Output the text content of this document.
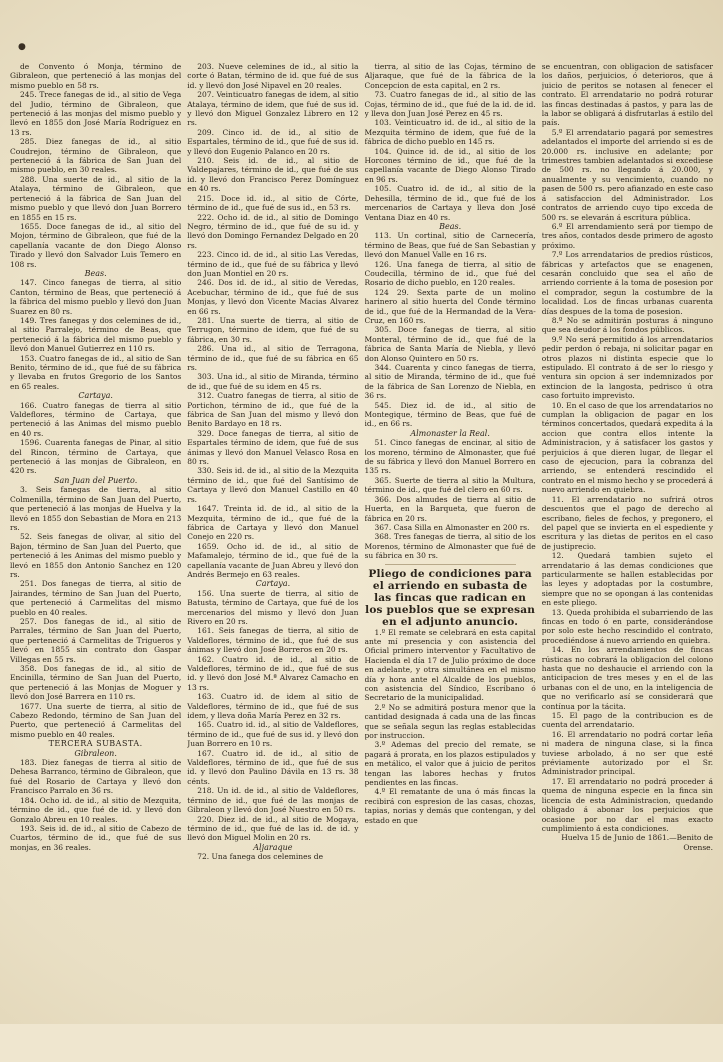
●

de Convento ó Monja, término de Gibraleon, que perteneció á las monjas del mismo pueblo en 58 rs.

245. Trece fanegas de id., al sitio de Vega del Judio, término de Gibraleon, que perteneció á las monjas del mismo pueblo y llevó en 1855 don José María Rodríguez en 13 rs.

285. Diez fanegas de id., al sitio Coudrejon, término de Gibraleon, que perteneció á la fábrica de San Juan del mismo pueblo, en 30 reales.

288. Una suerte de id., al sitio de la Atalaya, término de Gibraleon, que perteneció á la fábrica de San Juan del mismo pueblo y que llevó don Juan Borrero en 1855 en 15 rs.

1655. Doce fanegas de id., al sitio del Mojon, término de Gibraleon, que fué de la capellanía vacante de don Diego Alonso Tirado y llevó don Salvador Luis Temero en 108 rs.

Beas.

147. Cinco fanegas de tierra, al sitio Canton, término de Beas, que perteneció á la fábrica del mismo pueblo y llevó don Juan Suarez en 80 rs.

149. Tres fanegas y dos celemines de id., al sitio Parralejo, término de Beas, que perteneció á la fábrica del mismo pueblo y llevó don Manuel Gutierrez en 110 rs.

153. Cuatro fanegas de id., al sitio de San Benito, término de id., que fué de su fábrica y llevaba en frutos Gregorio de los Santos en 65 reales.

Cartaya.

166. Cuatro fanegas de tierra al sitio Valdeflores, término de Cartaya, que perteneció á las Animas del mismo pueblo en 40 rs.

1596. Cuarenta fanegas de Pinar, al sitio del Rincon, término de Cartaya, que perteneció á las monjas de Gibraleon, en 420 rs.

San Juan del Puerto.

3. Seis fanegas de tierra, al sitio Colmenilla, término de San Juan del Puerto, que perteneció á las monjas de Huelva y la llevó en 1855 don Sebastian de Mora en 213 rs.

52. Seis fanegas de olivar, al sitio del Bajon, término de San Juan del Puerto, que perteneció á les Animas del mismo pueblo y llevó en 1855 don Antonio Sanchez en 120 rs.

251. Dos fanegas de tierra, al sitio de Jairandes, término de San Juan del Puerto, que perteneció á Carmelitas del mismo pueblo en 40 reales.

257. Dos fanegas de id., al sitio de Parrales, término de San Juan del Puerto, que perteneció á Carmelitas de Trigueros y llevó en 1855 sin contrato don Gaspar Villegas en 55 rs.

358. Dos fanegas de id., al sitio de Encinilla, término de San Juan del Puerto, que perteneció á las Monjas de Moguer y llevó don José Barrera en 110 rs.

1677. Una suerte de tierra, al sitio de Cabezo Redondo, término de San Juan del Puerto, que perteneció á Carmelitas del mismo pueblo en 40 reales.

TERCERA SUBASTA.

Gibraleon.

183. Diez fanegas de tierra al sitio de Dehesa Barranco, término de Gibraleon, que fué del Rosario de Cartaya y llevó don Francisco Parralo en 36 rs.

184. Ocho id. de id., al sitio de Mezquita, término de id., que fué de id. y llevó don Gonzalo Abreu en 10 reales.

193. Seis id. de id., al sitio de Cabezo de Cuartos, término de id., que fué de sus monjas, en 36 reales.

203. Nueve celemines de id., al sitio la corte ó Batan, término de id. que fué de sus id. y llevó don José Nipavel en 20 reales.

207. Veinticuatro fanegas de idem, al sitio Atalaya, término de idem, que fué de sus id. y llevó don Miguel Gonzalez Librero en 12 rs.

209. Cinco id. de id., al sitio de Espartales, término de id., que fué de sus id. y llevó don Eugenio Palanco en 20 rs.

210. Seis id. de id., al sitio de Valdepajares, término de id., que fué de sus id. y llevó don Francisco Perez Domínguez en 40 rs.

215. Doce id. id., al sitio de Córte, término de id., que fué de sus id., en 53 rs.

222. Ocho id. de id., al sitio de Domingo Negro, término de id., que fué de su id. y llevó don Domingo Fernandez Delgado en 20 rs.

223. Cinco id. de id., al sitio Las Veredas, término de id., que fué de su fábrica y llevó don Juan Montiel en 20 rs.

246. Dos id. de id., al sitio de Veredas, Acebuchar, término de id., que fué de sus Monjas, y llevó don Vicente Macias Alvarez en 66 rs.

281. Una suerte de tierra, al sitio de Terrugon, término de idem, que fué de su fábrica, en 30 rs.

286. Una id., al sitio de Terragona, término de id., que fué de su fábrica en 65 rs.

303. Una id., al sitio de Miranda, término de id., que fué de su idem en 45 rs.

312. Cuatro fanegas de tierra, al sitio de Portichon, término de id., que fué de la fábrica de San Juan del mismo y llevó don Benito Bardayo en 18 rs.

329. Doce fanegas de tierra, al sitio de Espartales término de idem, que fué de sus ánimas y llevó don Manuel Velasco Rosa en 80 rs.

330. Seis id. de id., al sitio de la Mezquita término de id., que fué del Santísimo de Cartaya y llevó don Manuel Castillo en 40 rs.

1647. Treinta id. de id., al sitio de la Mezquita, término de id., que fué de la fábrica de Cartaya y llevó don Manuel Conejo en 220 rs.

1659. Ocho id. de id., al sitio de Mafamalejo, término de id., que fué de la capellanía vacante de Juan Abreu y llevó don Andrés Bermejo en 63 reales.

Cartaya.

156. Una suerte de tierra, al sitio de Batusta, término de Cartaya, que fué de los mercenarios del mismo y llevó don Juan Rivero en 20 rs.

161. Seis fanegas de tierra, al sitio de Valdeflores, término de id., que fué de sus ánimas y llevó don José Borreros en 20 rs.

162. Cuatro id. de id., al sitio de Valdeflores, término de id., que fué de sus id. y llevó don José M.ª Alvarez Camacho en 13 rs.

163. Cuatro id. de idem al sitio de Valdeflores, término de id., que fué de sus idem, y lleva doña María Perez en 32 rs.

165. Cuatro id. id., al sitio de Valdeflores, término de id., que fué de sus id. y llevó don Juan Borrero en 10 rs.

167. Cuatro id. de id., al sitio de Valdeflores, término de id., que fué de sus id. y llevó don Paulino Dávila en 13 rs. 38 cénts.

218. Un id. de id., al sitio de Valdeflores, término de id., que fué de las monjas de Gibraleon y llevó don José Nuestro en 50 rs.

220. Diez id. de id., al sitio de Mogaya, término de id., que fué de las id. de id. y llevó don Miguel Molin en 20 rs.

Aljaraque

72. Una fanega dos celemines de

tierra, al sitio de las Cojas, término de Aljaraque, que fué de la fábrica de la Concepcion de esta capital, en 2 rs.

73. Cuatro fanegas de id., al sitio de las Cojas, término de id., que fué de la id. de id. y lleva don Juan José Perez en 45 rs.

103. Veinticuatro id. de id., al sitio de la Mezquita término de idem, que fué de la fábrica de dicho pueblo en 145 rs.

104. Quince id. de id., al sitio de los Horcones término de id., que fué de la capellanía vacante de Diego Alonso Tirado en 96 rs.

105. Cuatro id. de id., al sitio de la Dehesilla, término de id., que fué de los mercenarios de Cartaya y lleva don José Ventana Diaz en 40 rs.

Beas.

113. Un cortinal, sitio de Carnecería, término de Beas, que fué de San Sebastian y llevó don Manuel Valle en 16 rs.

126. Una fanega de tierra, al sitio de Coudecilla, término de id., que fué del Rosario de dicho pueblo, en 120 reales.

124 29. Sexta parte de un molino harinero al sitio huerta del Conde término de id., que fué de la Hermandad de la Vera-Cruz, en 160 rs.

305. Doce fanegas de tierra, al sitio Monteral, término de id., que fué de la fábrica de Santa María de Niebla, y llevó don Alonso Quintero en 50 rs.

344. Cuarenta y cinco fanegas de tierra, al sitio de Miranda, término de id., que fué de la fábrica de San Lorenzo de Niebla, en 36 rs.

545. Diez id. de id., al sitio de Montegique, término de Beas, que fué de id., en 66 rs.

Almonaster la Real.

51. Cinco fanegas de encinar, al sitio de los moreno, término de Almonaster, que fué de su fábrica y llevó don Manuel Borrero en 135 rs.

365. Suerte de tierra al sitio la Multura, término de id., que fué del clero en 60 rs.

366. Dos almudes de tierra al sitio de Huerta, en la Barqueta, que fueron de fábrica en 20 rs.

367. Casa Silla en Almonaster en 200 rs.

368. Tres fanegas de tierra, al sitio de los Morenos, término de Almonaster que fué de su fábrica en 30 rs.

Pliego de condiciones para el arriendo en subasta de las fincas que radican en los pueblos que se expresan en el adjunto anuncio.

1.º El remate se celebrará en esta capital ante mí presencia y con asistencia del Oficial primero interventor y Facultativo de Hacienda el día 17 de Julio próximo de doce en adelante, y otra simultánea en el mismo día y hora ante el Alcalde de los pueblos, con asistencia del Síndico, Escribano ó Secretario de la municipalidad.

2.º No se admitirá postura menor que la cantidad designada á cada una de las fincas que se señala segun las reglas establecidas por instruccion.

3.º Ademas del precio del remate, se pagará á prorata, en los plazos estipulados y en metálico, el valor que á juicio de peritos tengan las labores hechas y frutos pendientes en las fincas.

4.º El rematante de una ó más fincas la recibirá con espresion de las casas, chozas, tapias, norias y demás que contengan, y del estado en que

se encuentran, con obligacion de satisfacer los daños, perjuicios, ó deterioros, que á juicio de peritos se notasen al fenecer el contrato. El arrendatario no podrá roturar las fincas destinadas á pastos, y para las de la labor se obligará á disfrutarlas á estilo del país.

5.º El arrendatario pagará por semestres adelantados el importe del arriendo si es de 20.000 rs. inclusive en adelante; por trimestres tambien adelantados si excediese de 500 rs. no llegando á 20.000, y anualmente y su vencimiento, cuando no pasen de 500 rs. pero afianzado en este caso á satisfaccion del Administrador. Los contratos de arriendo cuyo tipo exceda de 500 rs. se elevarán á escritura pública.

6.º El arrendamiento será por tiempo de tres años, contados desde primero de agosto próximo.

7.º Los arrendatarios de predios rústicos, fábricas y artefactos que se enagenen, cesarán concluido que sea el año de arriendo corriente á la toma de posesion por el comprador, segun la costumbre de la localidad. Los de fincas urbanas cuarenta días despues de la toma de posesion.

8.º No se admitirán posturas á ninguno que sea deudor á los fondos públicos.

9.º No será permitido á los arrendatarios pedir perdon ó rebaja, ni solicitar pagar en otros plazos ni distinta especie que lo estipulado. El contrato á de ser lo riesgo y ventura sin opcion á ser indemnizados por extincion de la langosta, pedrisco ú otra caso fortuito imprevisto.

10. En el caso de que los arrendatarios no cumplan la obligacion de pagar en los términos concertados, quedará expedita á la accion que contra ellos intente la Administracion, y á satisfacer los gastos y perjuicios á que dieren lugar, de llegar el caso de ejecucion, para la cobranza del arriendo, se entenderá rescindido el contrato en el mismo hecho y se procederá á nuevo arriendo en quiebra.

11. El arrendatario no sufrirá otros descuentos que el pago de derecho al escribano, fieles de fechos, y pregonero, el del papel que se invierta en el espediente y escritura y las dietas de peritos en el caso de justiprecio.

12. Quedará tambien sujeto el arrendatario á las demas condiciones que particularmente se hallen establecidas por las leyes y adoptadas por la costumbre, siempre que no se opongan á las contenidas en este pliego.

13. Queda prohibida el subarriendo de las fincas en todo ó en parte, considerándose por solo este hecho rescindido el contrato, procediéndose á nuevo arriendo en quiebra.

14. En los arrendamientos de fincas rústicas no cobrará la obligacion del colono hasta que no deshaucie el arriendo con la anticipacion de tres meses y en el de las urbanas con el de uno, en la inteligencia de que no verificarlo así se considerará que contínua por la tácita.

15. El pago de la contribucion es de cuenta del arrendatario.

16. El arrendatario no podrá cortar leña ni madera de ninguna clase, si la finca tuviese arbolado, á no ser que esté préviamente autorizado por el Sr. Administrador principal.

17. El arrendatario no podrá proceder á quema de ninguna especie en la finca sin licencia de esta Administracion, quedando obligado á abonar los perjuicios que ocasione por no dar el mas exacto cumplimiento á esta condiciones.

Huelva 15 de Junio de 1861.—Benito de Orense.
